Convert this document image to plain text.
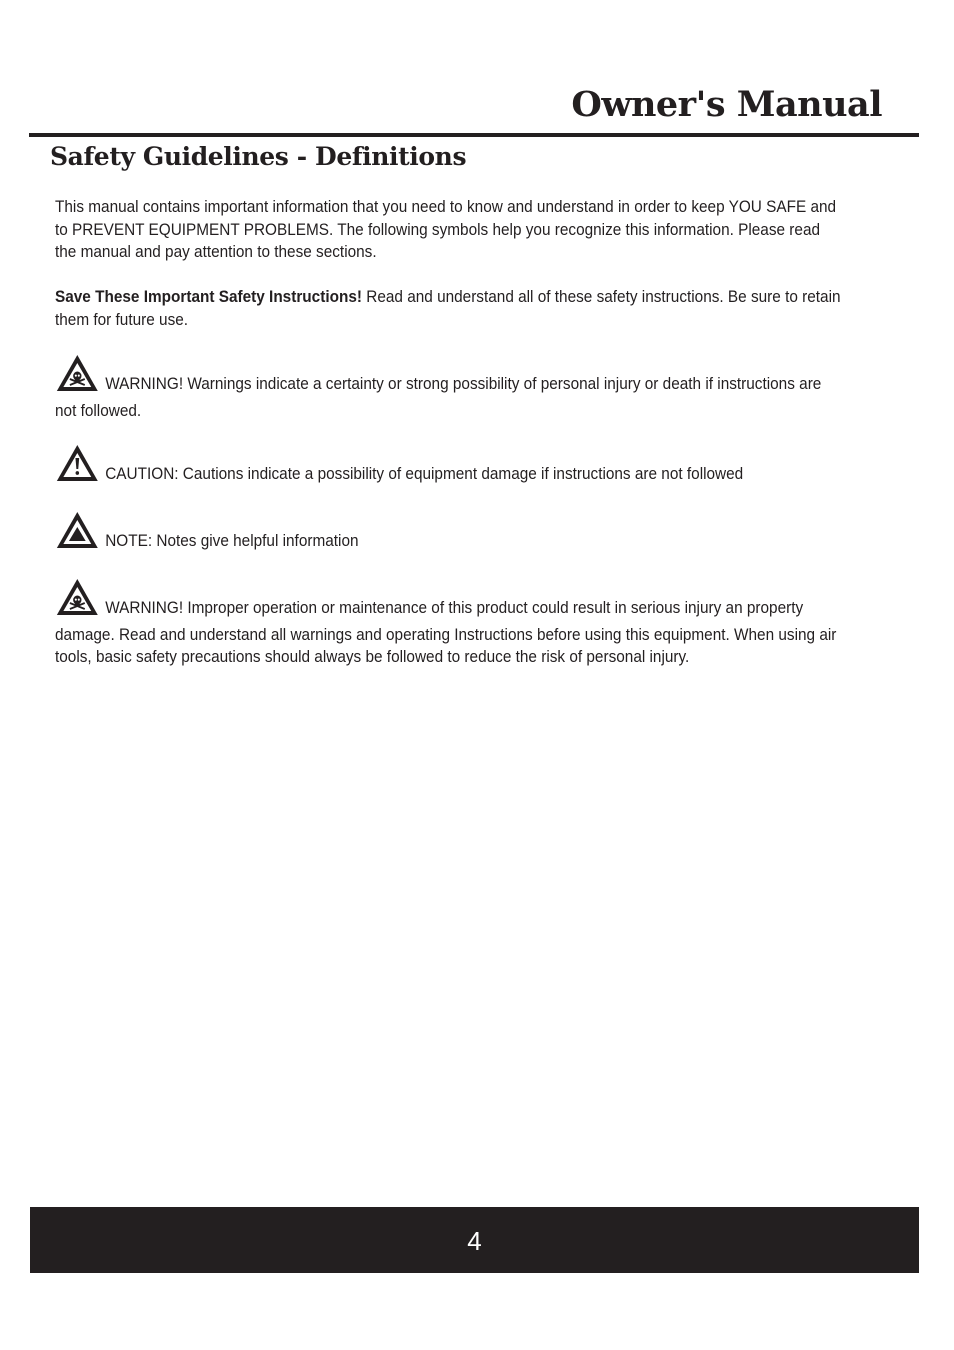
Owner's Manual
Safety Guidelines - Definitions
This manual contains important information that you need to know and understand in order to keep YOU SAFE and to PREVENT EQUIPMENT PROBLEMS. The following symbols help you recognize this information. Please read the manual and pay attention to these sections.
Save These Important Safety Instructions! Read and understand all of these safety instructions. Be sure to retain them for future use.
WARNING! Warnings indicate a certainty or strong possibility of personal injury or death if instructions are not followed.
CAUTION: Cautions indicate a possibility of equipment damage if instructions are not followed
NOTE: Notes give helpful information
WARNING! Improper operation or maintenance of this product could result in serious injury an property damage. Read and understand all warnings and operating Instructions before using this equipment. When using air tools, basic safety precautions should always be followed to reduce the risk of personal injury.
4
